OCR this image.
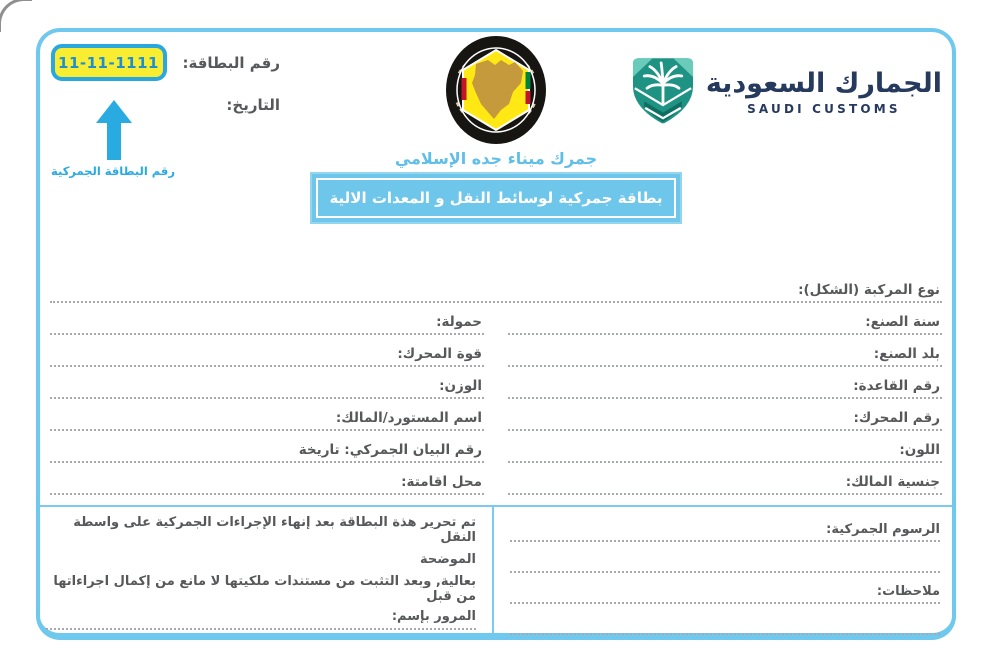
رقم البطاقة:
11-11-1111
التاريخ:
رقم البطاقة الجمركية
جمرك ميناء جده الإسلامي
بطاقة جمركية لوسائط النقل و المعدات الالية
الجمارك السعودية
SAUDI CUSTOMS
نوع المركبة (الشكل):
سنة الصنع:
حمولة:
بلد الصنع:
قوة المحرك:
رقم القاعدة:
الوزن:
رقم المحرك:
اسم المستورد/المالك:
اللون:
رقم البيان الجمركي: تاريخة
جنسية المالك:
محل اقامتة:
الرسوم الجمركية:
ملاحظات:
تم تحرير هذة البطاقة بعد إنهاء الإجراءات الجمركية على واسطة النقل
الموضحة
بعالية, وبعد التثبت من مستندات ملكيتها لا مانع من إكمال اجراءاتها من قبل
المرور بإسم:
